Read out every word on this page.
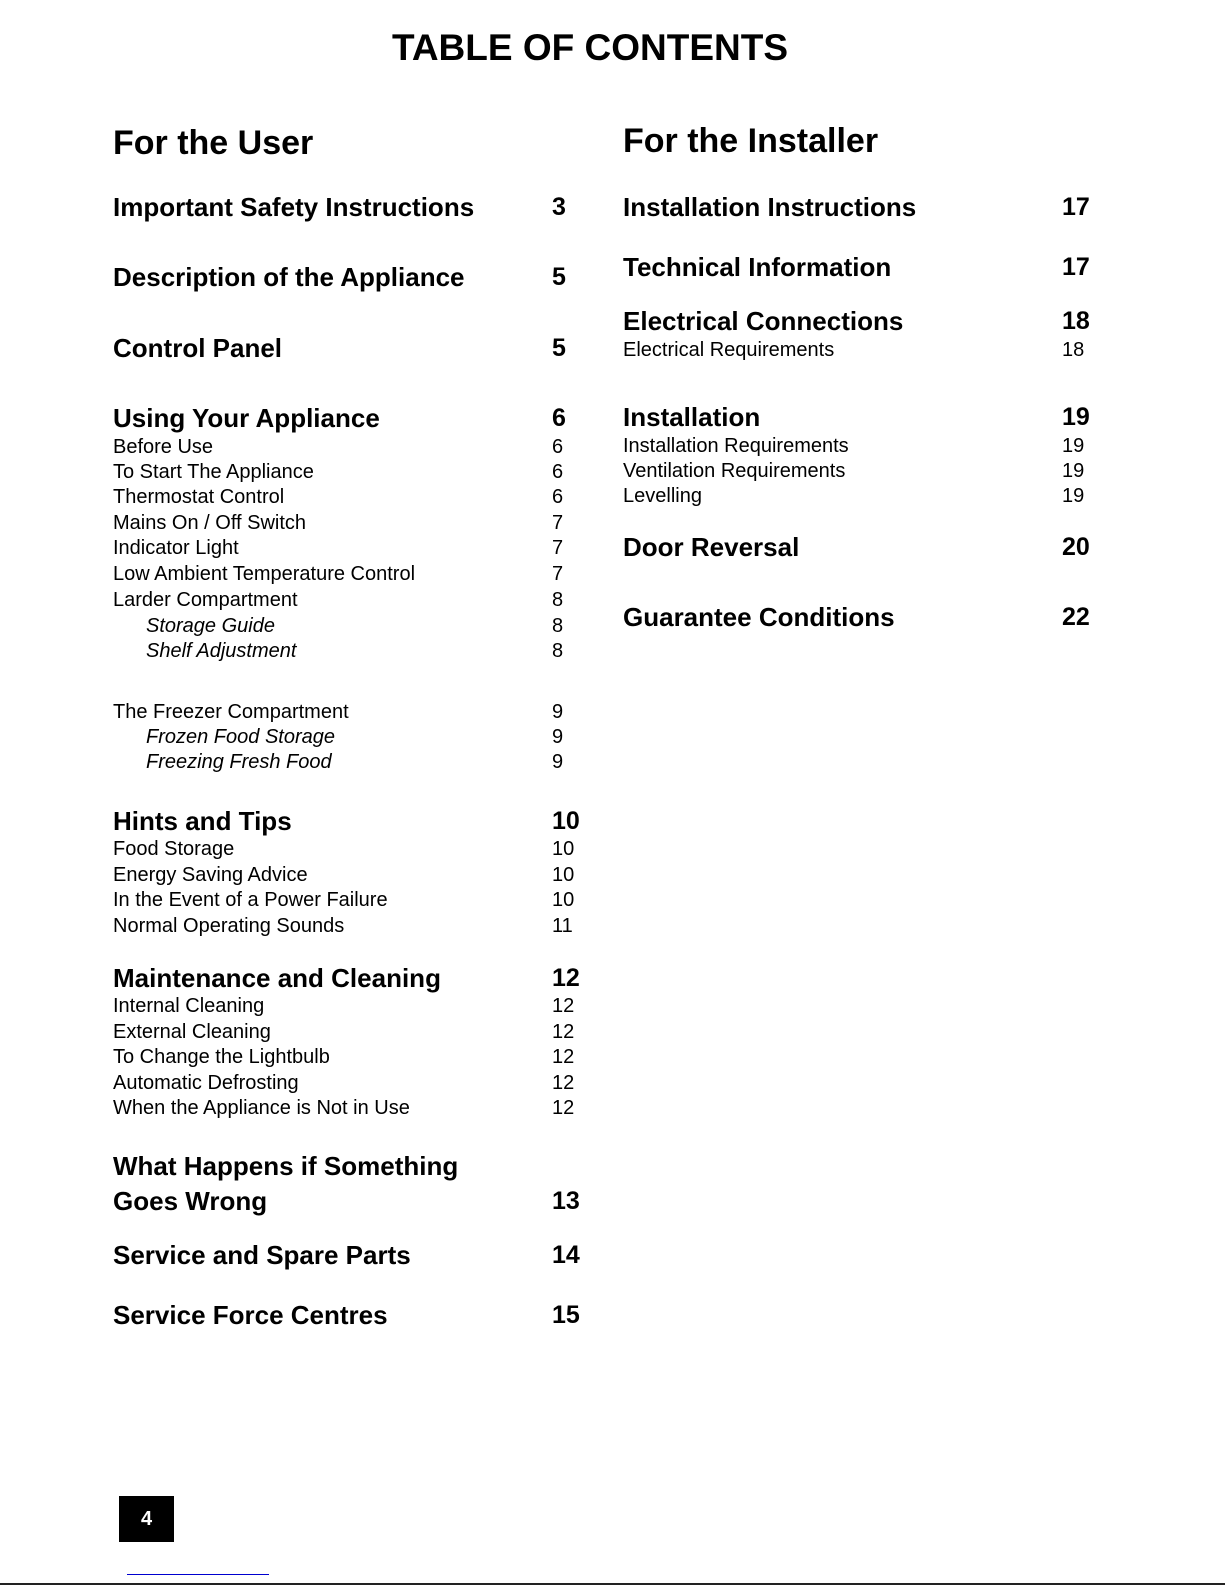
TABLE OF CONTENTS
For the User	For the Installer
Important Safety Instructions	3
Description of the Appliance	5
Control Panel	5
Using Your Appliance	6
Before Use	6
To Start The Appliance	6
Thermostat Control	6
Mains On / Off Switch	7
Indicator Light	7
Low Ambient Temperature Control	7
Larder Compartment	8
Storage Guide	8
Shelf Adjustment	8
The Freezer Compartment	9
Frozen Food Storage	9
Freezing Fresh Food	9
Hints and Tips	10
Food Storage	10
Energy Saving Advice	10
In the Event of a Power Failure	10
Normal Operating Sounds	11
Maintenance and Cleaning	12
Internal Cleaning	12
External Cleaning	12
To Change the Lightbulb	12
Automatic Defrosting	12
When the Appliance is Not in Use	12
What Happens if Something
Goes Wrong	13
Service and Spare Parts	14
Service Force Centres	15
Installation Instructions	17
Technical Information	17
Electrical Connections	18
Electrical Requirements	18
Installation	19
Installation Requirements	19
Ventilation Requirements	19
Levelling	19
Door Reversal	20
Guarantee Conditions	22
4
